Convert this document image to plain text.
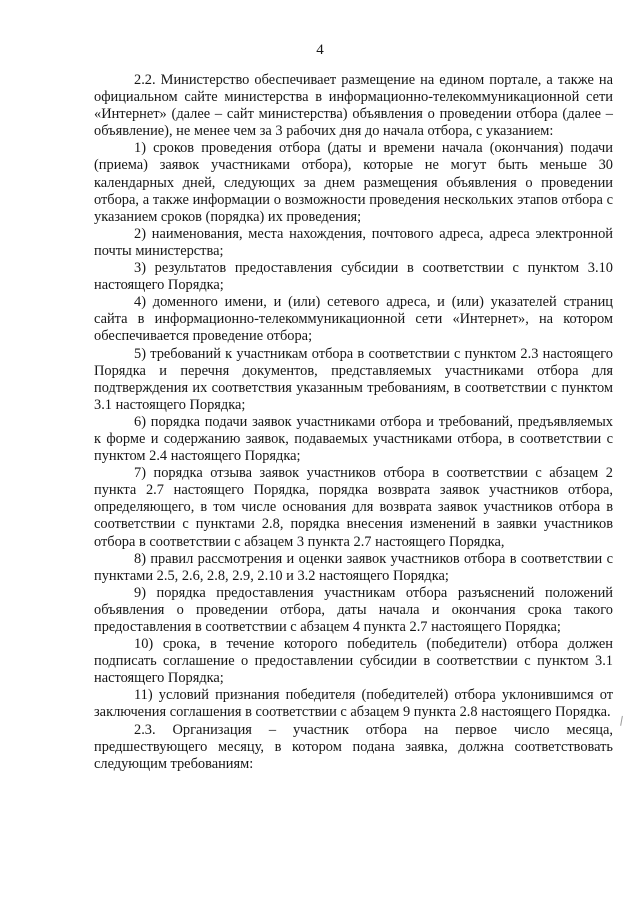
4

2.2. Министерство обеспечивает размещение на едином портале, а также на официальном сайте министерства в информационно-телекоммуникационной сети «Интернет» (далее – сайт министерства) объявления о проведении отбора (далее – объявление), не менее чем за 3 рабочих дня до начала отбора, с указанием:

1) сроков проведения отбора (даты и времени начала (окончания) подачи (приема) заявок участниками отбора), которые не могут быть меньше 30 календарных дней, следующих за днем размещения объявления о проведении отбора, а также информации о возможности проведения нескольких этапов отбора с указанием сроков (порядка) их проведения;

2) наименования, места нахождения, почтового адреса, адреса электронной почты министерства;

3) результатов предоставления субсидии в соответствии с пунктом 3.10 настоящего Порядка;

4) доменного имени, и (или) сетевого адреса, и (или) указателей страниц сайта в информационно-телекоммуникационной сети «Интернет», на котором обеспечивается проведение отбора;

5) требований к участникам отбора в соответствии с пунктом 2.3 настоящего Порядка и перечня документов, представляемых участниками отбора для подтверждения их соответствия указанным требованиям, в соответствии с пунктом 3.1 настоящего Порядка;

6) порядка подачи заявок участниками отбора и требований, предъявляемых к форме и содержанию заявок, подаваемых участниками отбора, в соответствии с пунктом 2.4 настоящего Порядка;

7) порядка отзыва заявок участников отбора в соответствии с абзацем 2 пункта 2.7 настоящего Порядка, порядка возврата заявок участников отбора, определяющего, в том числе основания для возврата заявок участников отбора в соответствии с пунктами 2.8, порядка внесения изменений в заявки участников отбора в соответствии с абзацем 3 пункта 2.7 настоящего Порядка,

8) правил рассмотрения и оценки заявок участников отбора в соответствии с пунктами 2.5, 2.6, 2.8, 2.9, 2.10 и 3.2 настоящего Порядка;

9) порядка предоставления участникам отбора разъяснений положений объявления о проведении отбора, даты начала и окончания срока такого предоставления в соответствии с абзацем 4 пункта 2.7 настоящего Порядка;

10) срока, в течение которого победитель (победители) отбора должен подписать соглашение о предоставлении субсидии в соответствии с пунктом 3.1 настоящего Порядка;

11) условий признания победителя (победителей) отбора уклонившимся от заключения соглашения в соответствии с абзацем 9 пункта 2.8 настоящего Порядка.

2.3. Организация – участник отбора на первое число месяца, предшествующего месяцу, в котором подана заявка, должна соответствовать следующим требованиям:
